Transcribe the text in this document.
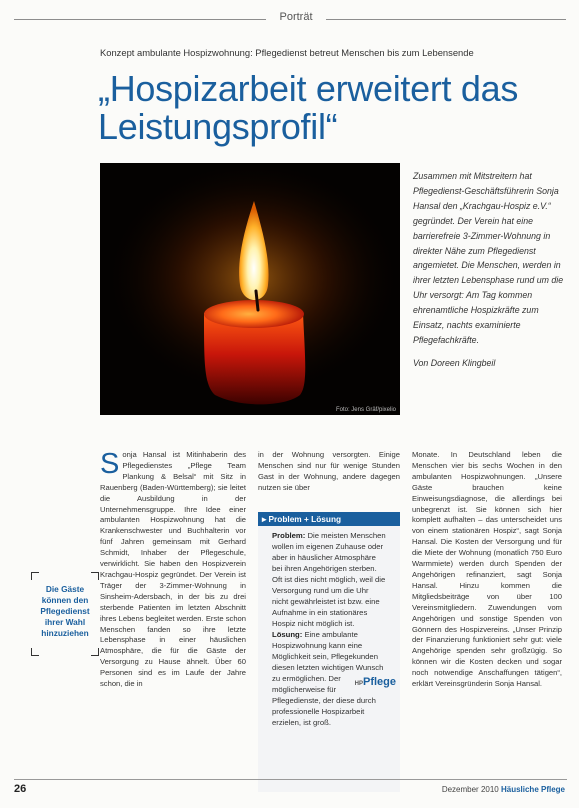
Porträt
Konzept ambulante Hospizwohnung: Pflegedienst betreut Menschen bis zum Lebensende
„Hospizarbeit erweitert das
Leistungsprofil“
Foto: Jens Gräf/pixelio

Zusammen mit Mitstreitern hat Pflegedienst-Geschäftsführerin Sonja Hansal den „Krachgau-Hospiz e.V.“ gegründet. Der Verein hat eine barrierefreie 3-Zimmer-Wohnung in direkter Nähe zum Pflegedienst angemietet. Die Menschen, werden in ihrer letzten Lebensphase rund um die Uhr versorgt: Am Tag kommen ehrenamtliche Hospizkräfte zum Einsatz, nachts examinierte Pflegefachkräfte.

Von Doreen Klingbeil

Die Gäste können den Pflegedienst ihrer Wahl hinzuziehen
S onja Hansal ist Mitinhaberin des Pflegedienstes „Pflege Team Plankung & Belsal“ mit Sitz in Rauenberg (Baden-Württemberg); sie leitet die Ausbildung in der Unternehmensgruppe. Ihre Idee einer ambulanten Hospizwohnung hat die Krankenschwester und Buchhalterin vor fünf Jahren gemeinsam mit Gerhard Schmidt, Inhaber der Pflegeschule, verwirklicht. Sie haben den Hospizverein Krachgau-Hospiz gegründet. Der Verein ist Träger der 3-Zimmer-Wohnung in Sinsheim-Adersbach, in der bis zu drei sterbende Patienten im letzten Abschnitt ihres Lebens begleitet werden. Erste schon Menschen fanden so ihre letzte Lebensphase in einer häuslichen Atmosphäre, die für die Gäste der Versorgung zu Hause ähnelt. Über 60 Personen sind es im Laufe der Jahre schon, die in

in der Wohnung versorgten. Einige Menschen sind nur für wenige Stunden Gast in der Wohnung, andere dagegen nutzen sie über

▸ Problem + Lösung
Problem: Die meisten Menschen wollen im eigenen Zuhause oder aber in häuslicher Atmosphäre bei ihren Angehörigen sterben. Oft ist dies nicht möglich, weil die Versorgung rund um die Uhr nicht gewährleistet ist bzw. eine Aufnahme in ein stationäres Hospiz nicht möglich ist.
Lösung: Eine ambulante Hospizwohnung kann eine Möglichkeit sein, Pflegekunden diesen letzten wichtigen Wunsch zu ermöglichen. Der möglicherweise für Pflegedienste, der diese durch professionelle Hospizarbeit erzielen, ist groß.
HPPflege

Monate. In Deutschland leben die Menschen vier bis sechs Wochen in den ambulanten Hospizwohnungen. „Unsere Gäste brauchen keine Einweisungsdiagnose, die allerdings bei unbegrenzt ist. Sie können sich hier komplett aufhalten – das unterscheidet uns von einem stationären Hospiz“, sagt Sonja Hansal. Die Kosten der Versorgung und für die Miete der Wohnung (monatlich 750 Euro Warmmiete) werden durch Spenden der Angehörigen refinanziert, sagt Sonja Hansal. Hinzu kommen die Mitgliedsbeiträge von über 100 Vereinsmitgliedern. Zuwendungen vom Angehörigen und sonstige Spenden von Gönnern des Hospizvereins. „Unser Prinzip der Finanzierung funktioniert sehr gut: viele Angehörige spenden sehr großzügig. So können wir die Kosten decken und sogar noch notwendige Anschaffungen tätigen“, erklärt Vereinsgründerin Sonja Hansal.

26	Dezember 2010 Häusliche Pflege
